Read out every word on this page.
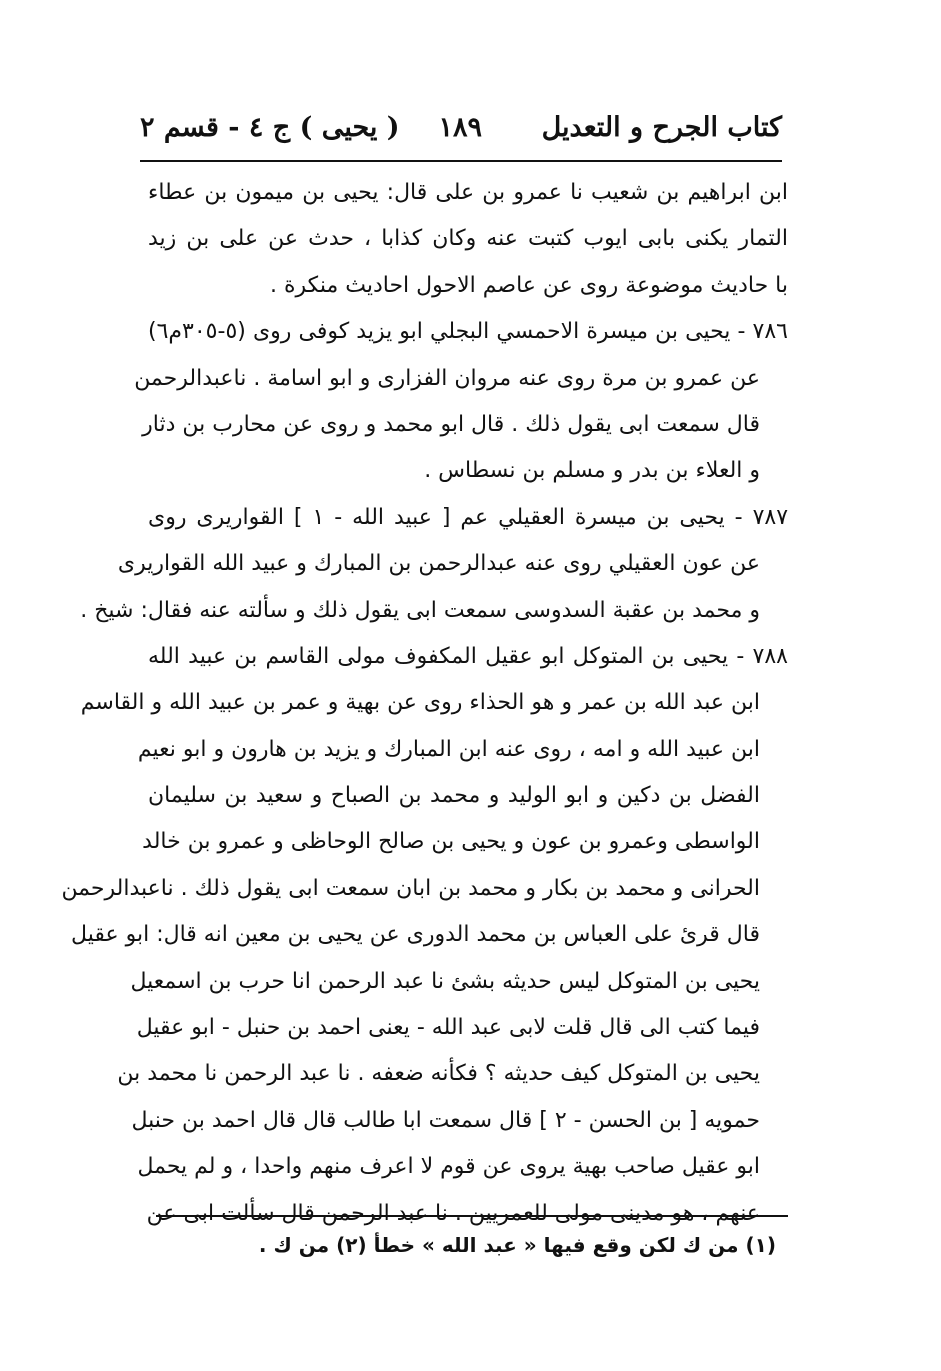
كتاب الجرح و التعديل
١٨٩
( يحيى ) ج ٤ - قسم ٢
ابن ابراهيم بن شعيب نا عمرو بن على قال: يحيى بن ميمون بن عطاء
التمار يكنى بابى ايوب كتبت عنه وكان كذابا ، حدث عن على بن زيد
با حاديث موضوعة روى عن عاصم الاحول احاديث منكرة .
٧٨٦ - يحيى بن ميسرة الاحمسي البجلي ابو يزيد كوفى روى (٥-٣٠٥م٦)
عن عمرو بن مرة روى عنه مروان الفزارى و ابو اسامة . ناعبدالرحمن
قال سمعت ابى يقول ذلك . قال ابو محمد و روى عن محارب بن دثار
و العلاء بن بدر و مسلم بن نسطاس .
٧٨٧ - يحيى بن ميسرة العقيلي عم [ عبيد الله - ١ ] القواريرى روى
عن عون العقيلي روى عنه عبدالرحمن بن المبارك و عبيد الله القواريرى
و محمد بن عقبة السدوسى سمعت ابى يقول ذلك و سألته عنه فقال: شيخ .
٧٨٨ - يحيى بن المتوكل ابو عقيل المكفوف مولى القاسم بن عبيد الله
ابن عبد الله بن عمر و هو الحذاء روى عن بهية و عمر بن عبيد الله و القاسم
ابن عبيد الله و امه ، روى عنه ابن المبارك و يزيد بن هارون و ابو نعيم
الفضل بن دكين و ابو الوليد و محمد بن الصباح و سعيد بن سليمان
الواسطى وعمرو بن عون و يحيى بن صالح الوحاظى و عمرو بن خالد
الحرانى و محمد بن بكار و محمد بن ابان سمعت ابى يقول ذلك . ناعبدالرحمن
قال قرئ على العباس بن محمد الدورى عن يحيى بن معين انه قال: ابو عقيل
يحيى بن المتوكل ليس حديثه بشئ نا عبد الرحمن انا حرب بن اسمعيل
فيما كتب الى قال قلت لابى عبد الله - يعنى احمد بن حنبل - ابو عقيل
يحيى بن المتوكل كيف حديثه ؟ فكأنه ضعفه . نا عبد الرحمن نا محمد بن
حمويه [ بن الحسن - ٢ ] قال سمعت ابا طالب قال قال احمد بن حنبل
ابو عقيل صاحب بهية يروى عن قوم لا اعرف منهم واحدا ، و لم يحمل
عنهم ، هو مدينى مولى للعمريين . نا عبد الرحمن قال سألت ابى عن
(١) من ك لكن وقع فيها « عبد الله » خطأ (٢) من ك .
